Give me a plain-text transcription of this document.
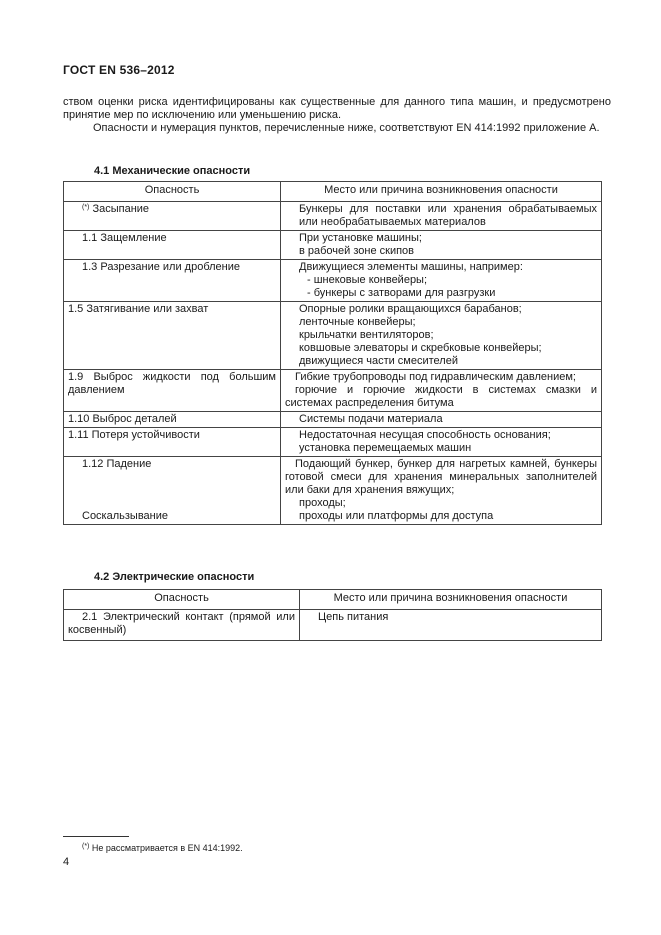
ГОСТ EN 536–2012

ством оценки риска идентифицированы как существенные для данного типа машин, и предусмотрено принятие мер по исключению или уменьшению риска.

Опасности и нумерация пунктов, перечисленные ниже, соответствуют EN 414:1992 приложение А.

4.1 Механические опасности
Опасность	Место или причина возникновения опасности

(*) Засыпание	Бункеры для поставки или хранения обрабатываемых или необрабатываемых материалов

1.1 Защемление	При установке машины;
в рабочей зоне скипов

1.3 Разрезание или дробление	Движущиеся элементы машины, например:
- шнековые конвейеры;
- бункеры с затворами для разгрузки

1.5 Затягивание или захват	Опорные ролики вращающихся барабанов;
ленточные конвейеры;
крыльчатки вентиляторов;
ковшовые элеваторы и скребковые конвейеры;
движущиеся части смесителей

1.9 Выброс жидкости под большим давлением	Гибкие трубопроводы под гидравлическим давлением;
горючие и горючие жидкости в системах смазки и системах распределения битума

1.10 Выброс деталей	Системы подачи материала

1.11 Потеря устойчивости	Недостаточная несущая способность основания;
установка перемещаемых машин

1.12 Падение
Соскальзывание	Подающий бункер, бункер для нагретых камней, бункеры готовой смеси для хранения минеральных заполнителей или баки для хранения вяжущих;
проходы;
проходы или платформы для доступа
4.2 Электрические опасности
Опасность	Место или причина возникновения опасности

2.1 Электрический контакт (прямой или косвенный)	Цепь питания
(*) Не рассматривается в EN 414:1992.
4
